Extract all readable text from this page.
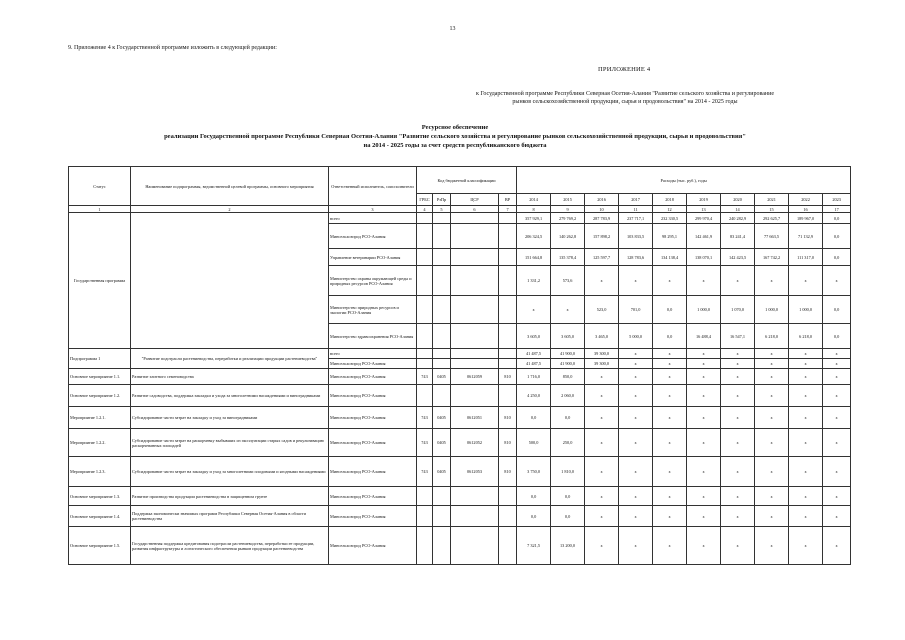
13
9. Приложение 4 к Государственной программе изложить в следующей редакции:
ПРИЛОЖЕНИЕ 4
к Государственной программе Республики Северная Осетия-Алания "Развитие сельского хозяйства и регулирование
рынков сельскохозяйственной продукции, сырья и продовольствия" на 2014 - 2025 годы
Ресурсное обеспечение
реализации Государственной программе Республики Северная Осетия-Алания "Развитие сельского хозяйства и регулирование рынков сельскохозяйственной продукции, сырья и продовольствия"
на 2014 - 2025 годы за счет средств республиканского бюджета
Статус	Наименование подпрограммы, ведомственной целевой программы, основного мероприятия	Ответственный исполнитель, соисполнители	Код бюджетной классификации				Расходы (тыс. руб.), годы									
			ГРБС	РзПр	ЦСР	ВР	2014	2015	2016	2017	2018	2019	2020	2021	2022	2023
1	2	3	4	5	6	7	8	9	10	11	12	13	14	15	16	17
Государственная программа		всего					357 929,1	279 769,2	287 783,9	237 717,1	232 330,5	299 970,4	240 282,9	292 625,7	189 967,0	0,0
		Минсельхозпрод РСО-Алания					206 324,5	140 262,8	157 898,2	103 833,5	98 295,1	142 461,9	83 241,4	77 663,5	71 132,9	0,0
		Управление ветеринарии РСО-Алания					151 664,8	135 378,4	125 597,7	128 783,6	134 138,4	138 070,1	142 423,5	167 742,2	111 317,0	0,0
		Министерство охраны окружающей среды и природных ресурсов РСО-Алания					1 331,2	573,6	x	x	x	x	x	x	x	x
		Министерство природных ресурсов и экологии РСО-Алания					x	x	523,0	701,0	0,0	1 000,0	1 070,0	1 000,0	1 000,0	0,0
		Министерство здравоохранения РСО-Алания					3 605,0	3 605,0	3 465,0	5 000,0	0,0	16 488,4	16 547,1	6 218,0	6 218,0	0,0
Подпрограмма 1	"Развитие подотрасли растениеводства, переработки и реализации продукции растениеводства"	всего					41 487,5	41 900,0	39 300,0	x	x	x	x	x	x	x
		Минсельхозпрод РСО-Алания					41 487,5	41 900,0	39 300,0	x	x	x	x	x	x	x
Основное мероприятие 1.1.	Развитие элитного семеноводства	Минсельхозпрод РСО-Алания	743	0405	0612059	810	1 716,0	850,0	x	x	x	x	x	x	x	x
Основное мероприятие 1.2.	Развитие садоводства, поддержка закладки и ухода за многолетними насаждениями и виноградниками	Минсельхозпрод РСО-Алания					4 250,0	2 060,0	x	x	x	x	x	x	x	x
Мероприятие 1.2.1.	Субсидирование части затрат на закладку и уход за виноградниками	Минсельхозпрод РСО-Алания	743	0405	0612051	810	0,0	0,0	x	x	x	x	x	x	x	x
Мероприятие 1.2.2.	Субсидирование части затрат на раскорчевку выбывших из эксплуатации старых садов и рекультивацию раскорчеванных площадей	Минсельхозпрод РСО-Алания	743	0405	0612052	810	500,0	250,0	x	x	x	x	x	x	x	x
Мероприятие 1.2.3.	Субсидирование части затрат на закладку и уход за многолетними плодовыми и ягодными насаждениями	Минсельхозпрод РСО-Алания	743	0405	0612053	810	3 750,0	1 810,0	x	x	x	x	x	x	x	x
Основное мероприятие 1.3.	Развитие производства продукции растениеводства в защищенном грунте	Минсельхозпрод РСО-Алания					0,0	0,0	x	x	x	x	x	x	x	x
Основное мероприятие 1.4.	Поддержка экономически значимых программ Республики Северная Осетия-Алания в области растениеводства	Минсельхозпрод РСО-Алания					0,0	0,0	x	x	x	x	x	x	x	x
Основное мероприятие 1.5.	Государственная поддержка кредитования подотрасли растениеводства, переработки ее продукции, развития инфраструктуры и логистического обеспечения рынков продукции растениеводства	Минсельхозпрод РСО-Алания					7 321,5	13 200,0	x	x	x	x	x	x	x	x
